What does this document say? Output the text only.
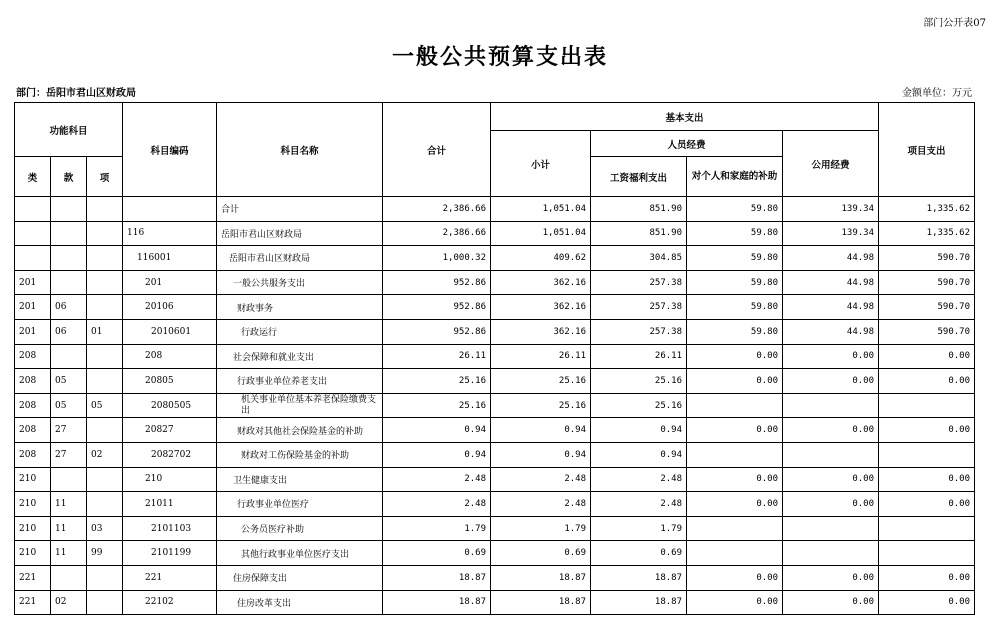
部门公开表07
一般公共预算支出表
部门：岳阳市君山区财政局	金额单位：万元
功能科目			科目编码	科目名称	合计	基本支出				项目支出
						小计	人员经费		公用经费	
类	款	项					工资福利支出	对个人和家庭的补助		
				合计	2,386.66	1,051.04	851.90	59.80	139.34	1,335.62
			116	岳阳市君山区财政局	2,386.66	1,051.04	851.90	59.80	139.34	1,335.62
			116001	岳阳市君山区财政局	1,000.32	409.62	304.85	59.80	44.98	590.70
201			201	一般公共服务支出	952.86	362.16	257.38	59.80	44.98	590.70
201	06		20106	财政事务	952.86	362.16	257.38	59.80	44.98	590.70
201	06	01	2010601	行政运行	952.86	362.16	257.38	59.80	44.98	590.70
208			208	社会保障和就业支出	26.11	26.11	26.11	0.00	0.00	0.00
208	05		20805	行政事业单位养老支出	25.16	25.16	25.16	0.00	0.00	0.00
208	05	05	2080505	机关事业单位基本养老保险缴费支出	25.16	25.16	25.16			
208	27		20827	财政对其他社会保险基金的补助	0.94	0.94	0.94	0.00	0.00	0.00
208	27	02	2082702	财政对工伤保险基金的补助	0.94	0.94	0.94			
210			210	卫生健康支出	2.48	2.48	2.48	0.00	0.00	0.00
210	11		21011	行政事业单位医疗	2.48	2.48	2.48	0.00	0.00	0.00
210	11	03	2101103	公务员医疗补助	1.79	1.79	1.79			
210	11	99	2101199	其他行政事业单位医疗支出	0.69	0.69	0.69			
221			221	住房保障支出	18.87	18.87	18.87	0.00	0.00	0.00
221	02		22102	住房改革支出	18.87	18.87	18.87	0.00	0.00	0.00
